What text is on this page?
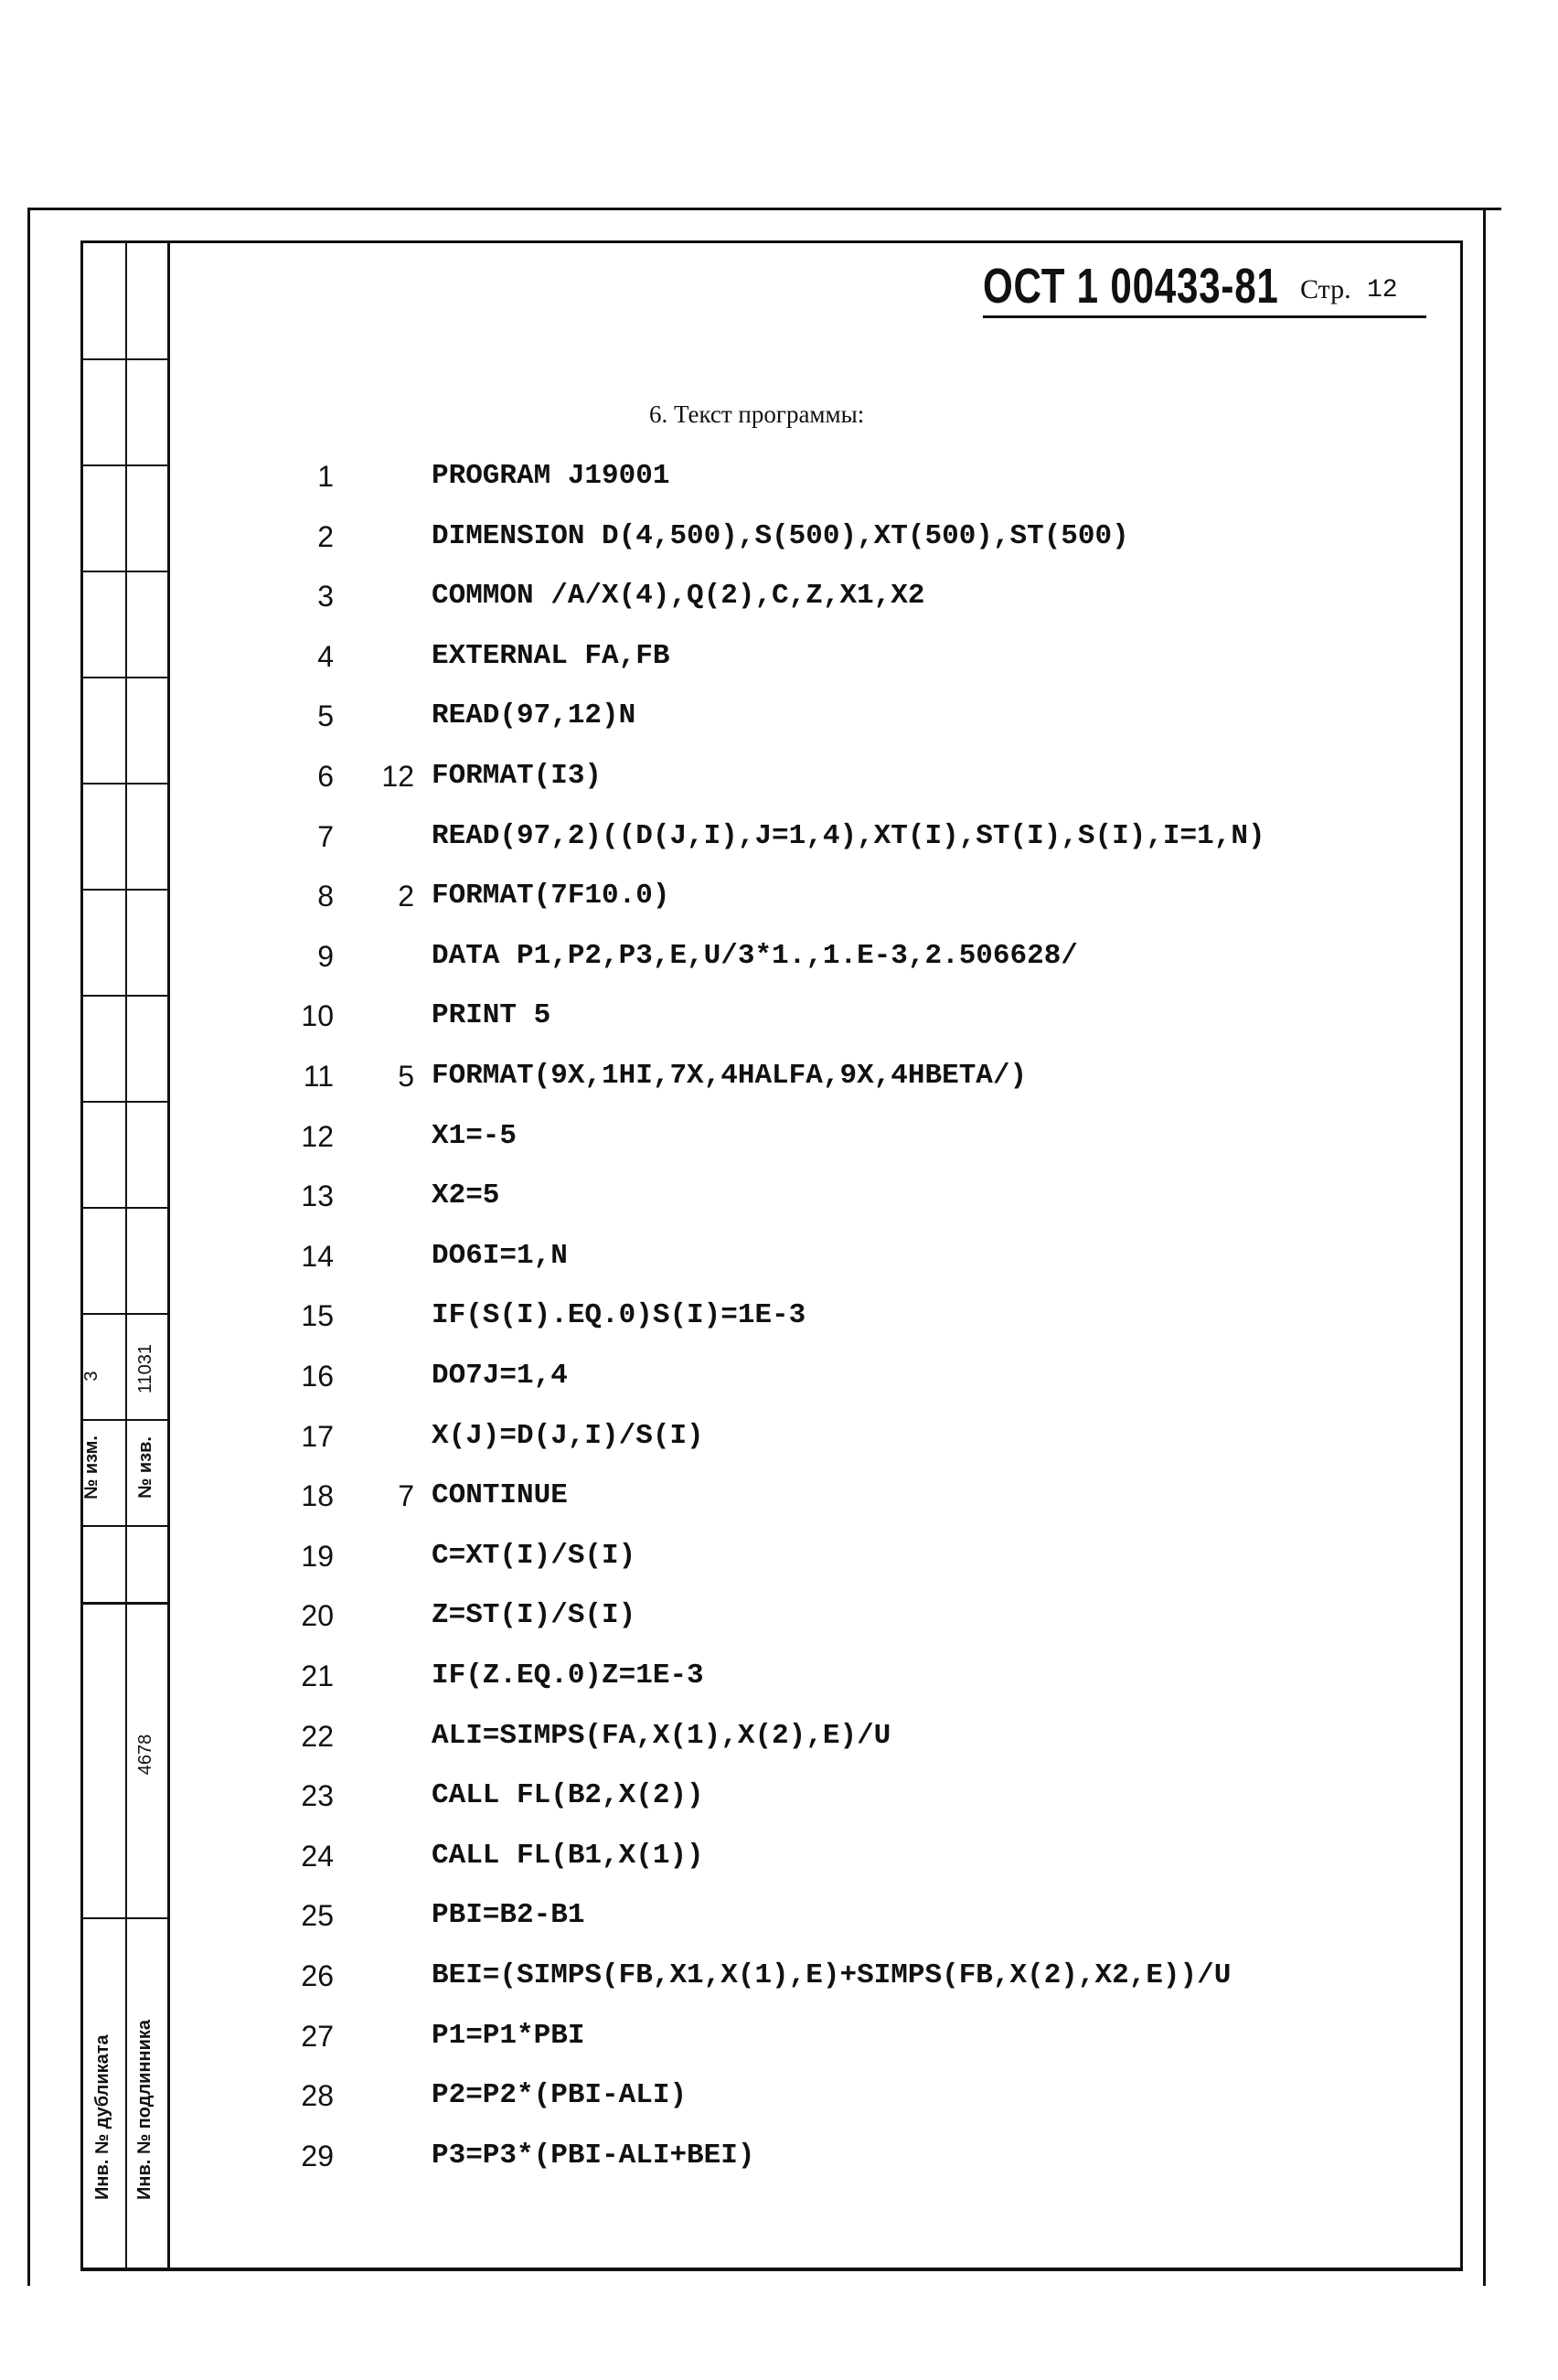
№ изм.
3
№ изв.
11031
Инв. № дубликата Инв. № подлинника
4678
ОСТ 1 00433-81 Стр. 12
6. Текст программы:
1	PROGRAM J19001
2	DIMENSION D(4,500),S(500),XT(500),ST(500)
3	COMMON /A/X(4),Q(2),C,Z,X1,X2
4	EXTERNAL FA,FB
5	READ(97,12)N
6	12 FORMAT(I3)
7	READ(97,2)((D(J,I),J=1,4),XT(I),ST(I),S(I),I=1,N)
8	2 FORMAT(7F10.0)
9	DATA P1,P2,P3,E,U/3*1.,1.E-3,2.506628/
10	PRINT 5
11	5 FORMAT(9X,1HI,7X,4HALFA,9X,4HBETA/)
12	X1=-5
13	X2=5
14	DO6I=1,N
15	IF(S(I).EQ.0)S(I)=1E-3
16	DO7J=1,4
17	X(J)=D(J,I)/S(I)
18	7 CONTINUE
19	C=XT(I)/S(I)
20	Z=ST(I)/S(I)
21	IF(Z.EQ.0)Z=1E-3
22	ALI=SIMPS(FA,X(1),X(2),E)/U
23	CALL FL(B2,X(2))
24	CALL FL(B1,X(1))
25	PBI=B2-B1
26	BEI=(SIMPS(FB,X1,X(1),E)+SIMPS(FB,X(2),X2,E))/U
27	P1=P1*PBI
28	P2=P2*(PBI-ALI)
29	P3=P3*(PBI-ALI+BEI)
